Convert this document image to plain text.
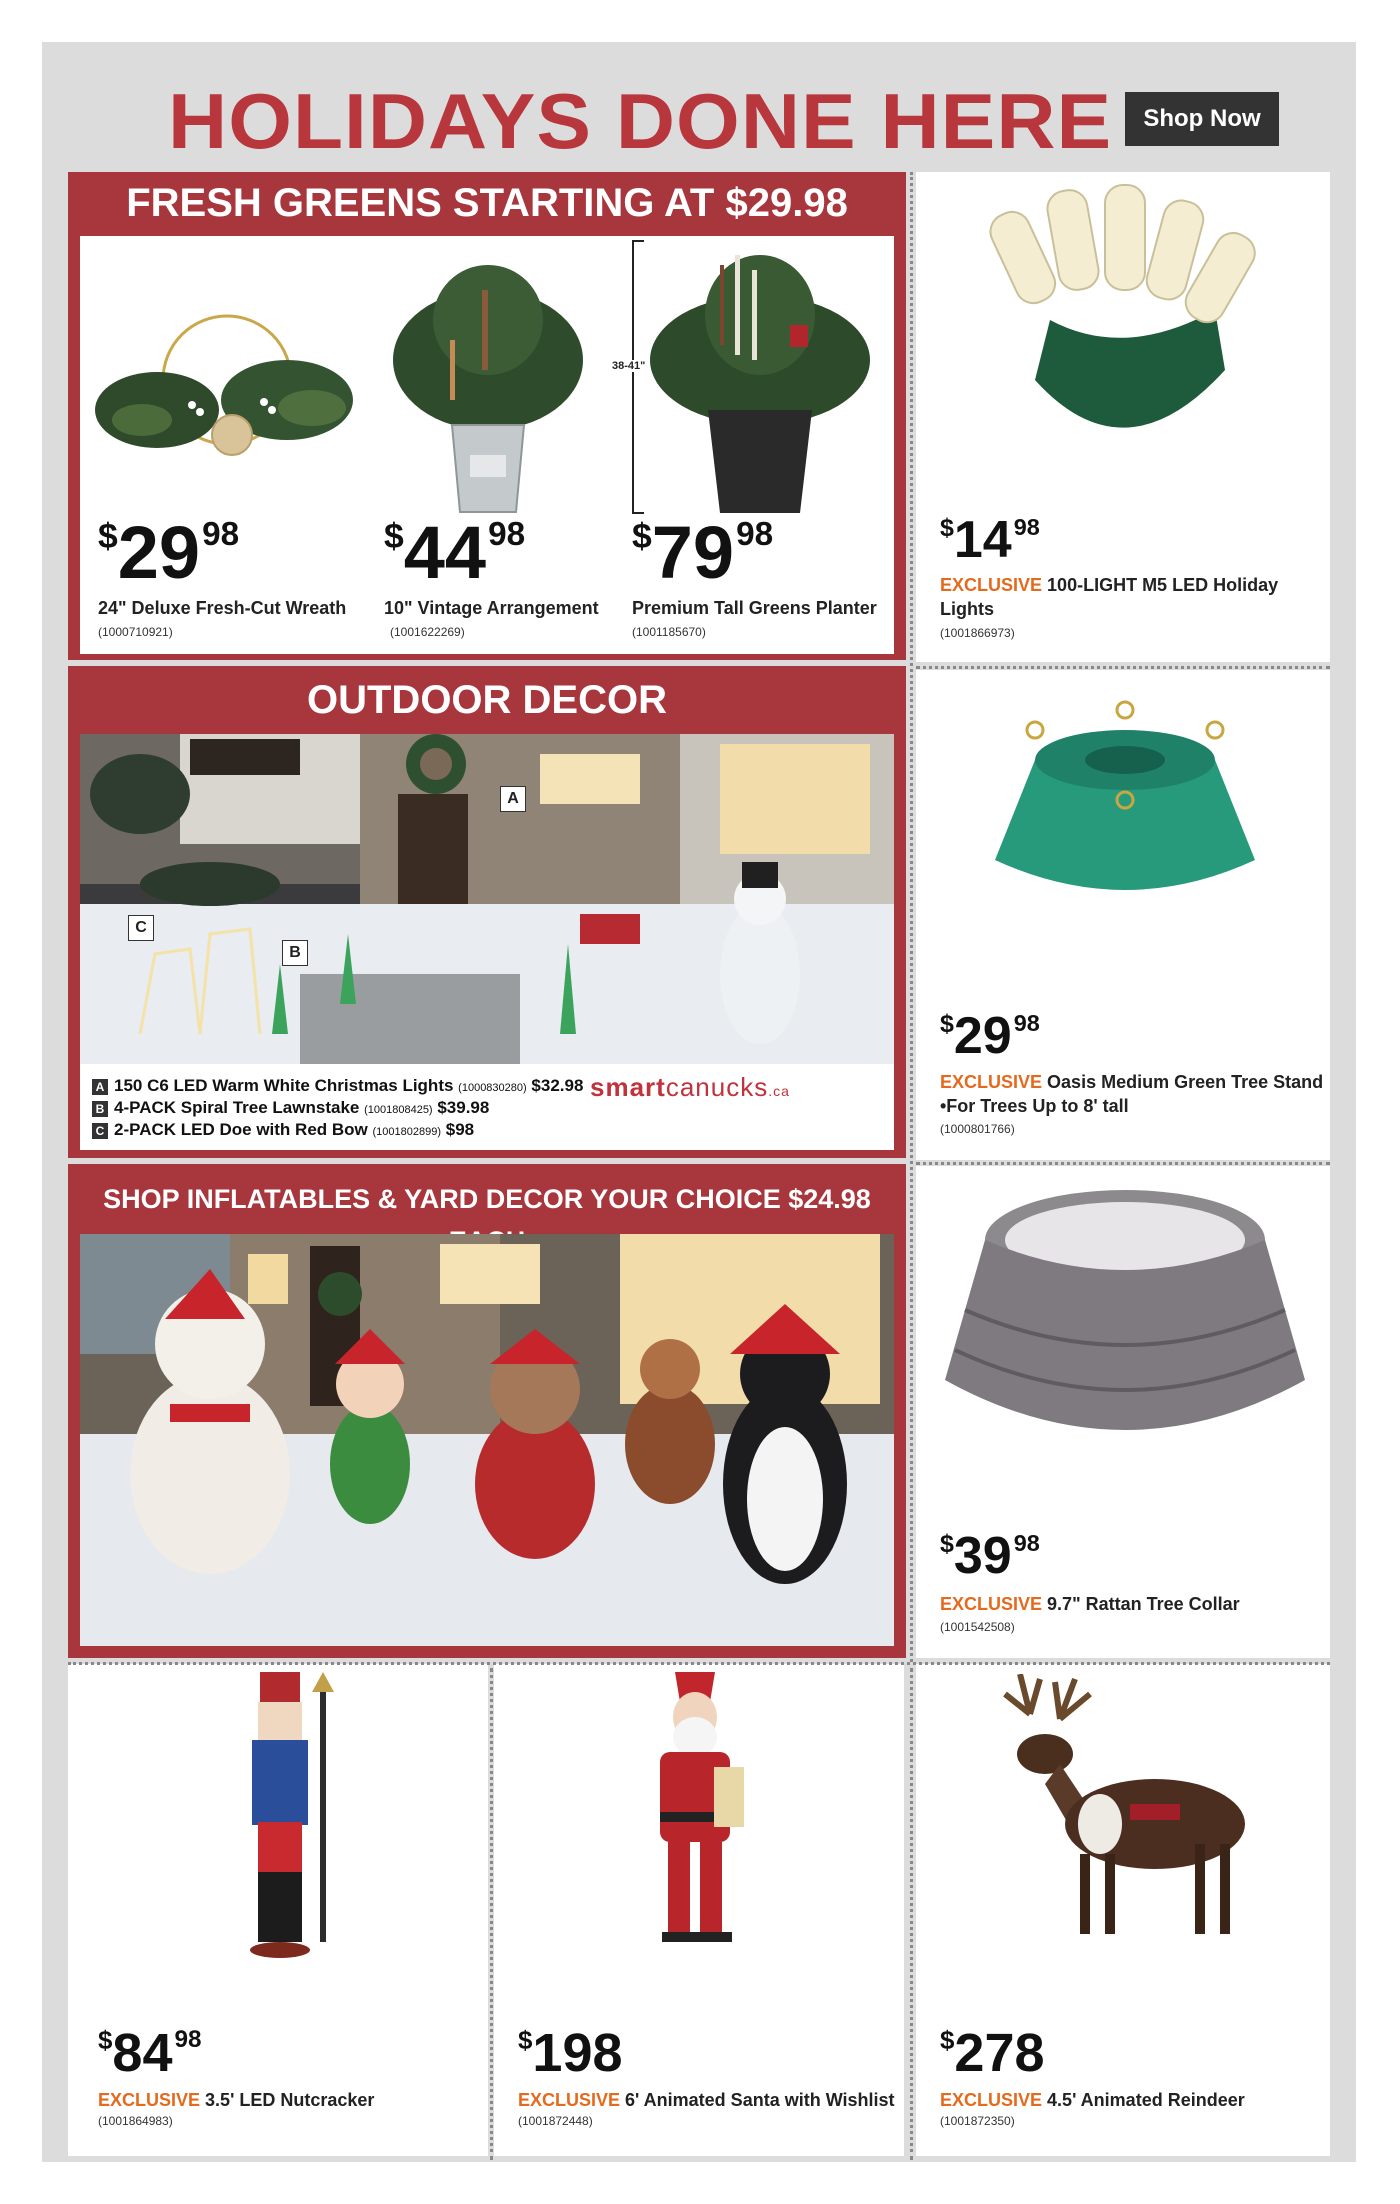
HOLIDAYS DONE HERE	Shop Now
FRESH GREENS STARTING AT $29.98
38-41"
$^{\$}29^{98}$
24" Deluxe Fresh-Cut Wreath
(1000710921)
$^{\$}44^{98}$
10" Vintage Arrangement
(1001622269)
$^{\$}79^{98}$
Premium Tall Greens Planter
(1001185670)
OUTDOOR DECOR
A
B
C
A 150 C6 LED Warm White Christmas Lights (1000830280) $32.98
B 4-PACK Spiral Tree Lawnstake (1001808425) $39.98
C 2-PACK LED Doe with Red Bow (1001802899) $98
smartcanucks.ca
SHOP INFLATABLES & YARD DECOR YOUR CHOICE $24.98
$^{\$}14^{98}$
EXCLUSIVE 100-LIGHT M5 LED Holiday
Lights
(1001866973)
$^{\$}29^{98}$
EXCLUSIVE Oasis Medium Green Tree Stand
•For Trees Up to 8' tall
(1000801766)
$^{\$}39^{98}$
EXCLUSIVE 9.7" Rattan Tree Collar
(1001542508)
$^{\$}84^{98}$
EXCLUSIVE 3.5' LED Nutcracker
(1001864983)
$198
EXCLUSIVE 6' Animated Santa with Wishlist
(1001872448)
$278
EXCLUSIVE 4.5' Animated Reindeer
(1001872350)
